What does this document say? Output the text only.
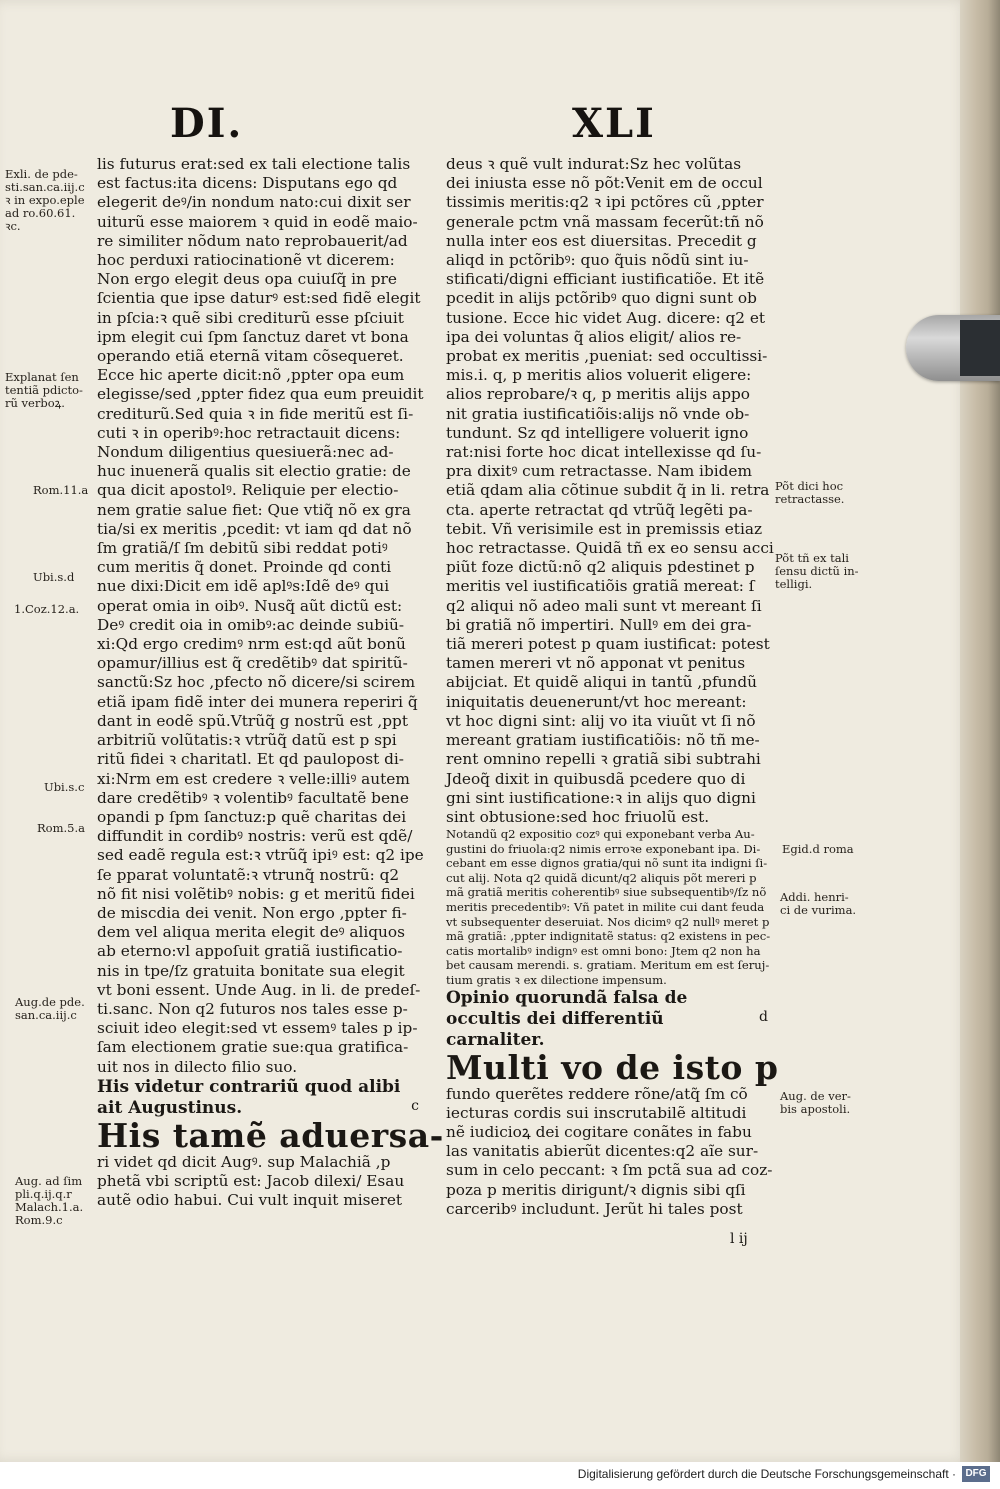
DI.	XLI

Exli. de pde-
sti.san.ca.iij.c
ꝛ in expo.eple
ad ro.60.61.
ꝛc.

Explanat ſen
tentiã pdicto-
rũ verboꝝ.

Rom.11.a

Ubi.s.d

1.Coz.12.a.

Ubi.s.c

Rom.5.a

Aug.de pde.
san.ca.iij.c

Aug. ad ſim
pli.q.ij.q.r
Malach.1.a.
Rom.9.c

Põt dici hoc
retractasse.

Põt tñ ex tali
ſensu dictũ in-
telligi.

Egid.d roma

Addi. henri-
ci de vurima.

Aug. de ver-
bis apostoli.

lis futurus erat:sed ex tali electione talis

est factus:ita dicens: Disputans ego qd

elegerit deꝰ/in nondum nato:cui dixit ser

uiturũ esse maiorem ꝛ quid in eodẽ maio-

re similiter nõdum nato reprobauerit/ad

hoc perduxi ratiocinationẽ vt dicerem:

Non ergo elegit deus opa cuiuſq̃ in pre

ſcientia que ipse daturꝰ est:sed fidẽ elegit

in pſcia:ꝛ quẽ sibi crediturũ esse pſciuit

ipm elegit cui ſpm ſanctuz daret vt bona

operando etiã eternã vitam cõsequeret.

Ecce hic aperte dicit:nõ ,ppter opa eum

elegisse/sed ,ppter fidez qua eum preuidit

crediturũ.Sed quia ꝛ in fide meritũ est ſi-

cuti ꝛ in operibꝰ:hoc retractauit dicens:

Nondum diligentius quesiuerã:nec ad-

huc inuenerã qualis sit electio gratie: de

qua dicit apostolꝰ. Reliquie per electio-

nem gratie salue fiet: Que vtiq̃ nõ ex gra

tia/si ex meritis ,pcedit: vt iam qd dat nõ

ſm gratiã/ſ ſm debitũ sibi reddat potiꝰ

cum meritis q̃ donet. Proinde qd conti

nue dixi:Dicit em idẽ aplꝰs:Idẽ deꝰ qui

operat omia in oibꝰ. Nusq̃ aũt dictũ est:

Deꝰ credit oia in omibꝰ:ac deinde subiũ-

xi:Qd ergo credimꝰ nrm est:qd aũt bonũ

opamur/illius est q̃ credẽtibꝰ dat spiritũ-

sanctũ:Sz hoc ,pfecto nõ dicere/si scirem

etiã ipam fidẽ inter dei munera reperiri q̃

dant in eodẽ spũ.Vtrũq̃ g nostrũ est ,ppt

arbitriũ volũtatis:ꝛ vtrũq̃ datũ est p spi

ritũ fidei ꝛ charitatl. Et qd paulopost di-

xi:Nrm em est credere ꝛ velle:illiꝰ autem

dare credẽtibꝰ ꝛ volentibꝰ facultatẽ bene

opandi p ſpm ſanctuz:p quẽ charitas dei

diffundit in cordibꝰ nostris: verũ est qdẽ/

sed eadẽ regula est:ꝛ vtrũq̃ ipiꝰ est: q2 ipe

ſe pparat voluntatẽ:ꝛ vtrunq̃ nostrũ: q2

nõ fit nisi volẽtibꝰ nobis: g et meritũ fidei

de miscdia dei venit. Non ergo ,ppter fi-

dem vel aliqua merita elegit deꝰ aliquos

ab eterno:vl appoſuit gratiã iustificatio-

nis in tpe/ſz gratuita bonitate sua elegit

vt boni essent. Unde Aug. in li. de predeſ-

ti.sanc. Non q2 futuros nos tales esse p-

sciuit ideo elegit:sed vt essemꝰ tales p ip-

ſam electionem gratie sue:qua gratifica-

uit nos in dilecto filio suo.

His videtur contrariũ quod alibi ait Augustinus.	c

His tamẽ aduersa-

ri videt qd dicit Augꝰ. sup Malachiã ,p

phetã vbi scriptũ est: Jacob dilexi/ Esau

autẽ odio habui. Cui vult inquit miseret

deus ꝛ quẽ vult indurat:Sz hec volũtas

dei iniusta esse nõ põt:Venit em de occul

tissimis meritis:q2 ꝛ ipi pctõres cũ ,ppter

generale pctm vnã massam fecerũt:tñ nõ

nulla inter eos est diuersitas. Precedit g

aliqd in pctõribꝰ: quo q̃uis nõdũ sint iu-

stificati/digni efficiant iustificatiõe. Et itẽ

pcedit in alijs pctõribꝰ quo digni sunt ob

tusione. Ecce hic videt Aug. dicere: q2 et

ipa dei voluntas q̃ alios eligit/ alios re-

probat ex meritis ,pueniat: sed occultissi-

mis.i. q, p meritis alios voluerit eligere:

alios reprobare/ꝛ q, p meritis alijs appo

nit gratia iustificatiõis:alijs nõ vnde ob-

tundunt. Sz qd intelligere voluerit igno

rat:nisi forte hoc dicat intellexisse qd ſu-

pra dixitꝰ cum retractasse. Nam ibidem

etiã qdam alia cõtinue subdit q̃ in li. retra

cta. aperte retractat qd vtrũq̃ legẽti pa-

tebit. Vñ verisimile est in premissis etiaz

hoc retractasse. Quidã tñ ex eo sensu acci

piũt foze dictũ:nõ q2 aliquis pdestinet p

meritis vel iustificatiõis gratiã mereat: ſ

q2 aliqui nõ adeo mali sunt vt mereant ſi

bi gratiã nõ impertiri. Nullꝰ em dei gra-

tiã mereri potest p quam iustificat: potest

tamen mereri vt nõ apponat vt penitus

abijciat. Et quidẽ aliqui in tantũ ,pfundũ

iniquitatis deuenerunt/vt hoc mereant:

vt hoc digni sint: alij vo ita viuũt vt ſi nõ

mereant gratiam iustificatiõis: nõ tñ me-

rent omnino repelli ꝛ gratiã sibi subtrahi

Jdeoq̃ dixit in quibusdã pcedere quo di

gni sint iustificatione:ꝛ in alijs quo digni

sint obtusione:sed hoc friuolũ est.

Notandũ q2 expositio cozꝰ qui exponebant verba Au-

gustini do friuola:q2 nimis erroꝛe exponebant ipa. Di-

cebant em esse dignos gratia/qui nõ sunt ita indigni ſi-

cut alij. Nota q2 quidã dicunt/q2 aliquis põt mereri p

mã gratiã meritis coherentibꝰ siue subsequentibꝰ/ſz nõ

meritis precedentibꝰ: Vñ patet in milite cui dant feuda

vt subsequenter deseruiat. Nos dicimꝰ q2 nullꝰ meret p

mã gratiã: ,ppter indignitatẽ status: q2 existens in pec-

catis mortalibꝰ indignꝰ est omni bono: Jtem q2 non ha

bet causam merendi. s. gratiam. Meritum em est ſeruj-

tium gratis ꝛ ex dilectione impensum.

Opinio quorundã falsa de occultis dei differentiũ carnaliter.

d

Multi vo de isto p

fundo querẽtes reddere rõne/atq̃ ſm cõ

iecturas cordis sui inscrutabilẽ altitudi

nẽ iudicioꝝ dei cogitare conãtes in fabu

las vanitatis abierũt dicentes:q2 aĩe sur-

sum in celo peccant: ꝛ ſm pctã sua ad coz-

poza p meritis dirigunt/ꝛ dignis sibi qſi

carceribꝰ includunt. Jerũt hi tales post

l ij

Digitalisierung gefördert durch die Deutsche Forschungsgemeinschaft · DFG
